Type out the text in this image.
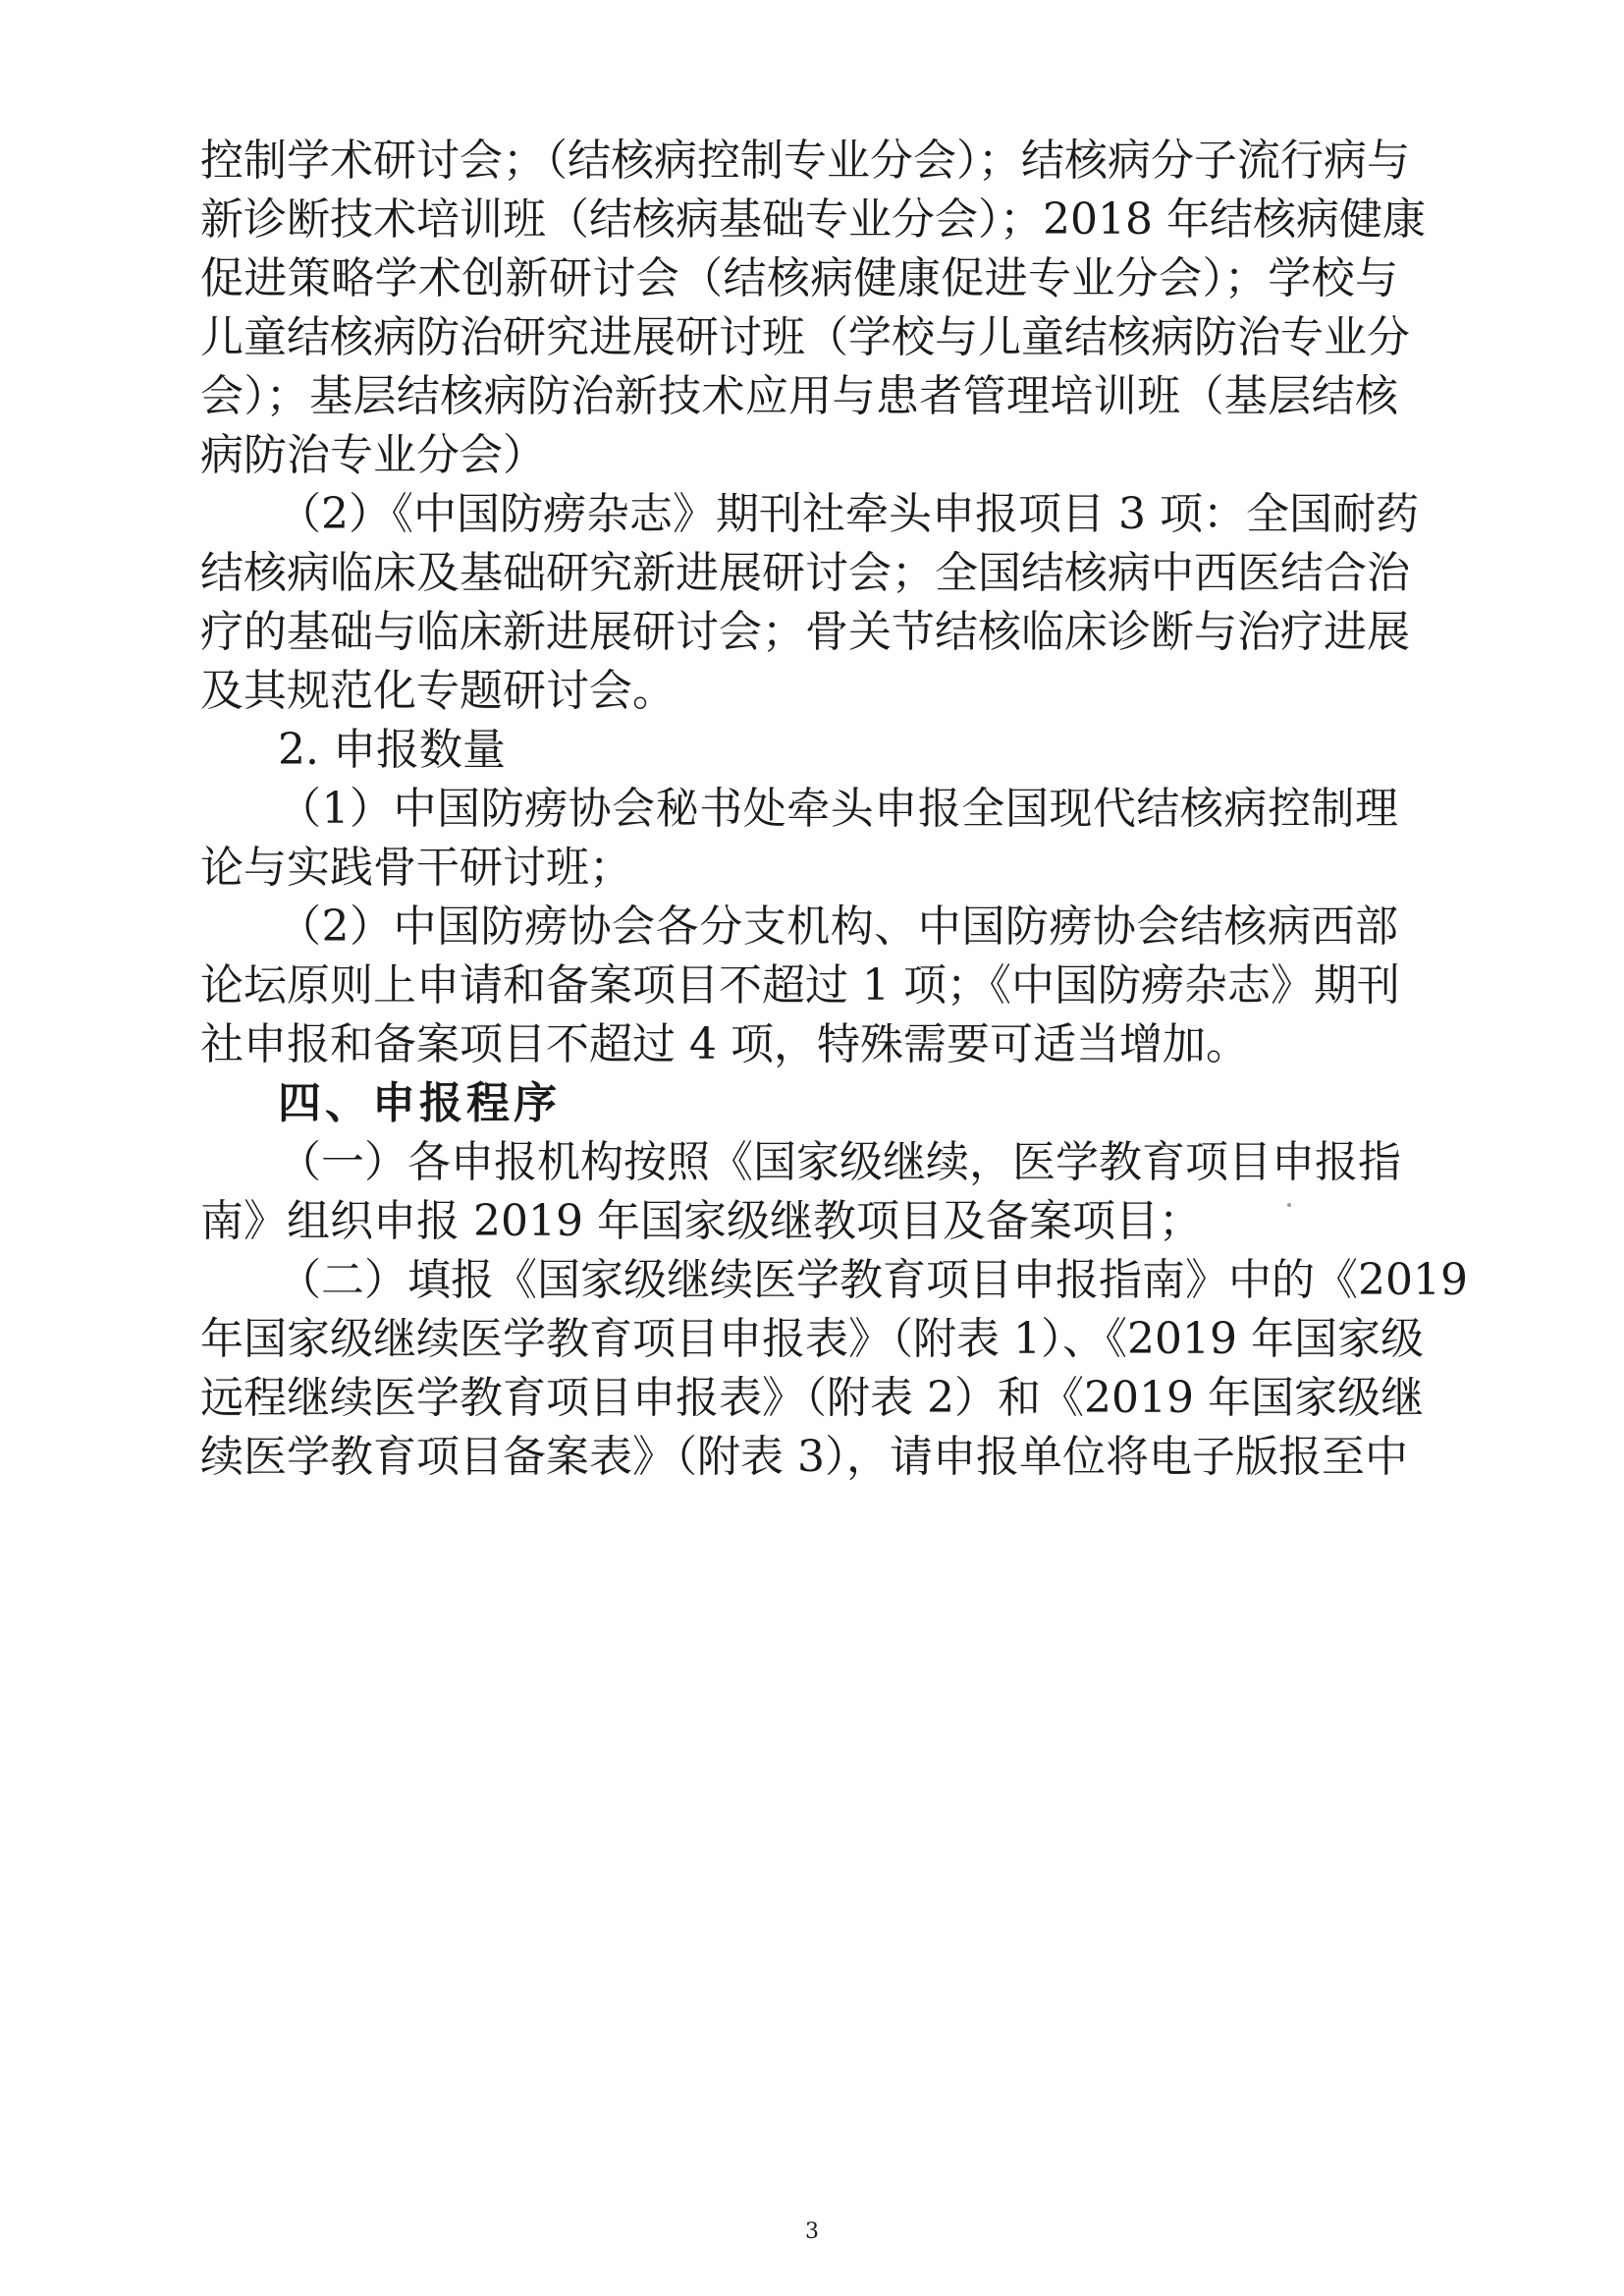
控制学术研讨会；（结核病控制专业分会）；结核病分子流行病与
新诊断技术培训班（结核病基础专业分会）；2018 年结核病健康
促进策略学术创新研讨会（结核病健康促进专业分会）；学校与
儿童结核病防治研究进展研讨班（学校与儿童结核病防治专业分
会）；基层结核病防治新技术应用与患者管理培训班（基层结核
病防治专业分会）
（2）《中国防痨杂志》期刊社牵头申报项目 3 项：全国耐药
结核病临床及基础研究新进展研讨会；全国结核病中西医结合治
疗的基础与临床新进展研讨会；骨关节结核临床诊断与治疗进展
及其规范化专题研讨会。
2. 申报数量
（1）中国防痨协会秘书处牵头申报全国现代结核病控制理
论与实践骨干研讨班；
（2）中国防痨协会各分支机构、中国防痨协会结核病西部
论坛原则上申请和备案项目不超过 1 项；《中国防痨杂志》期刊
社申报和备案项目不超过 4 项，特殊需要可适当增加。
四、申报程序
（一）各申报机构按照《国家级继续，医学教育项目申报指
南》组织申报 2019 年国家级继教项目及备案项目；
（二）填报《国家级继续医学教育项目申报指南》中的《2019
年国家级继续医学教育项目申报表》（附表 1）、《2019 年国家级
远程继续医学教育项目申报表》（附表 2）和《2019 年国家级继
续医学教育项目备案表》（附表 3），请申报单位将电子版报至中
3
